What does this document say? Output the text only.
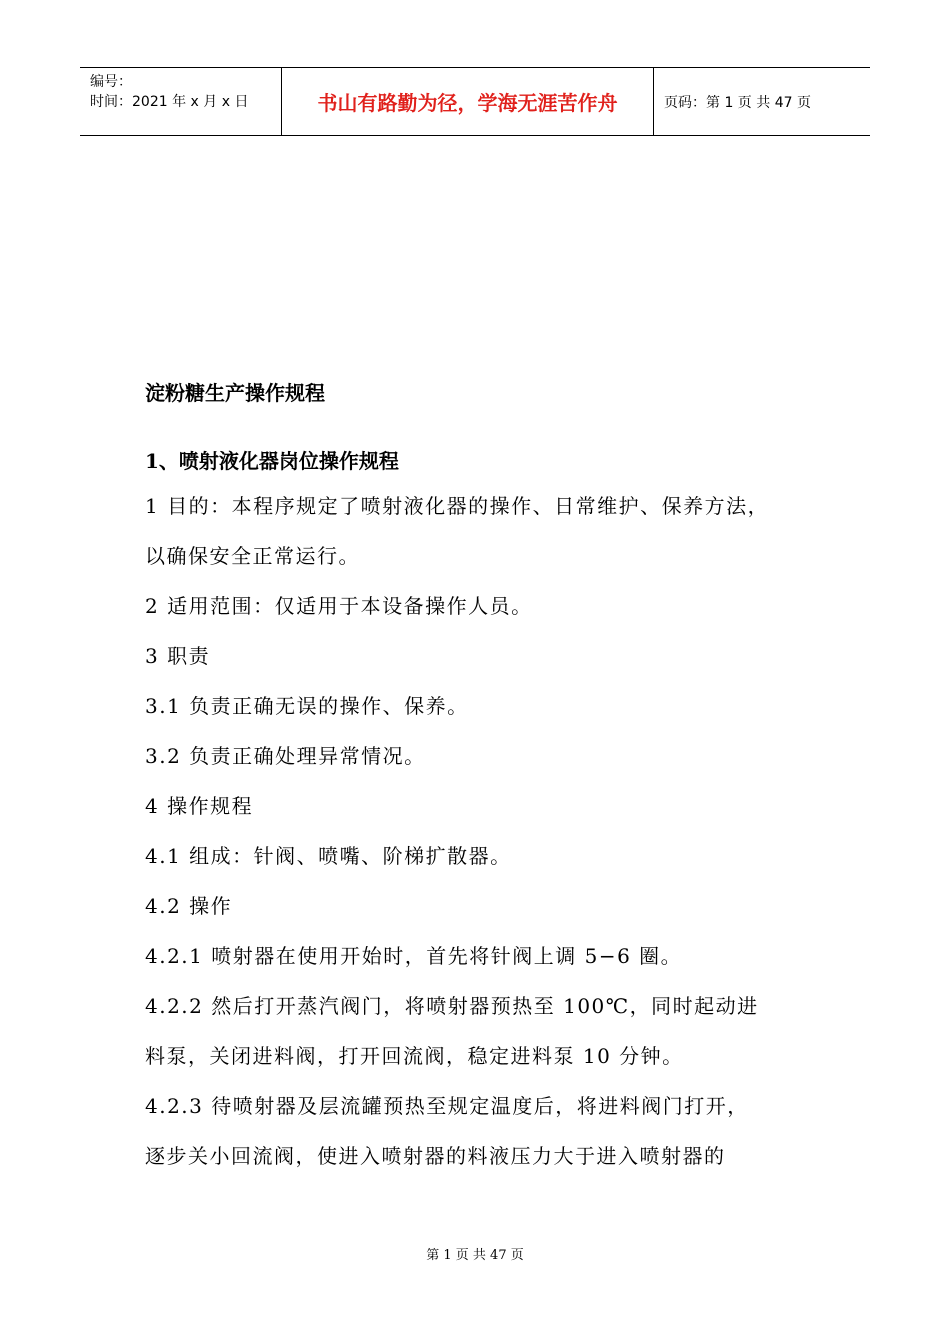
编号：
时间：2021 年 x 月 x 日	书山有路勤为径，学海无涯苦作舟	页码：第 1 页 共 47 页
淀粉糖生产操作规程
1、喷射液化器岗位操作规程

1 目的：本程序规定了喷射液化器的操作、日常维护、保养方法，

以确保安全正常运行。

2 适用范围：仅适用于本设备操作人员。

3 职责

3.1 负责正确无误的操作、保养。

3.2 负责正确处理异常情况。

4 操作规程

4.1 组成：针阀、喷嘴、阶梯扩散器。

4.2 操作

4.2.1 喷射器在使用开始时，首先将针阀上调 5−6 圈。

4.2.2 然后打开蒸汽阀门，将喷射器预热至 100℃，同时起动进

料泵，关闭进料阀，打开回流阀，稳定进料泵 10 分钟。

4.2.3 待喷射器及层流罐预热至规定温度后，将进料阀门打开，

逐步关小回流阀，使进入喷射器的料液压力大于进入喷射器的

第 1 页 共 47 页
